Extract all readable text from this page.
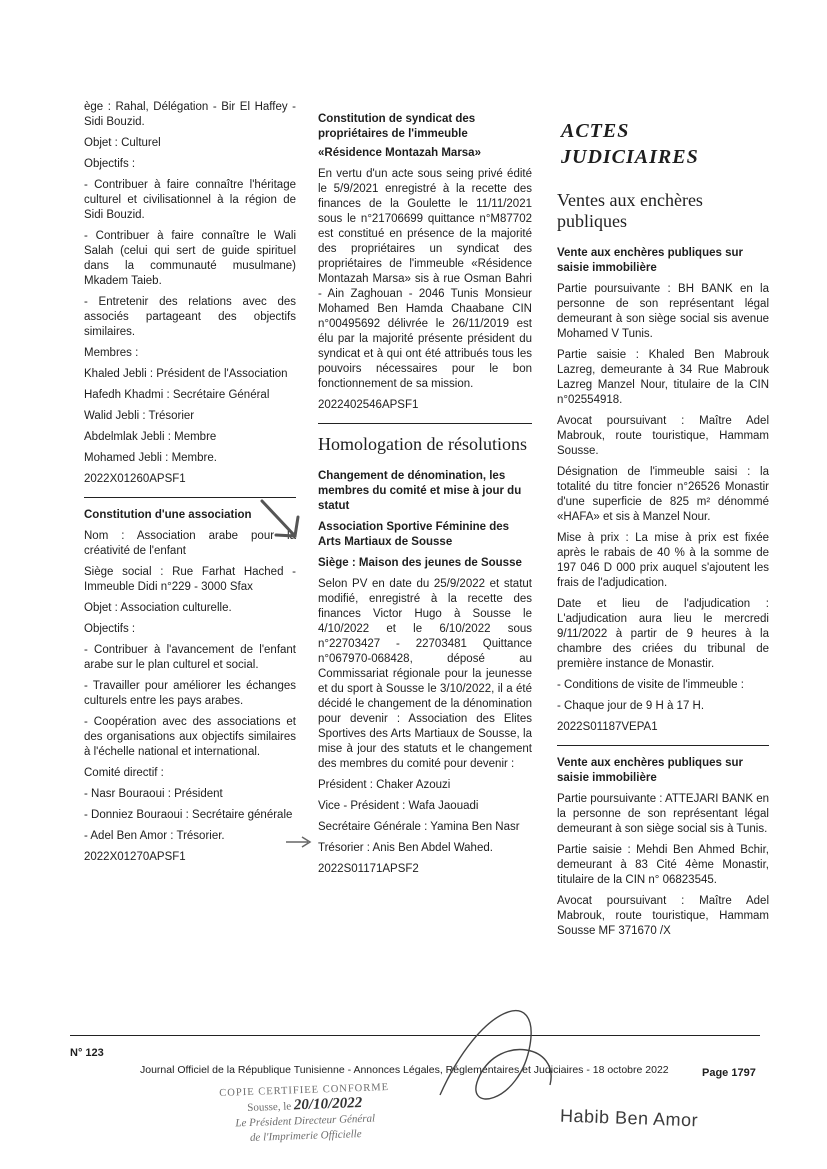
ège : Rahal, Délégation - Bir El Haffey - Sidi Bouzid.

Objet : Culturel

Objectifs :

- Contribuer à faire connaître l'héritage culturel et civilisationnel à la région de Sidi Bouzid.

- Contribuer à faire connaître le Wali Salah (celui qui sert de guide spirituel dans la communauté musulmane) Mkadem Taieb.

- Entretenir des relations avec des associés partageant des objectifs similaires.

Membres :

Khaled Jebli : Président de l'Association

Hafedh Khadmi : Secrétaire Général

Walid Jebli : Trésorier

Abdelmlak Jebli : Membre

Mohamed Jebli : Membre.

2022X01260APSF1

Constitution d'une association

Nom : Association arabe pour la créativité de l'enfant

Siège social : Rue Farhat Hached - Immeuble Didi n°229 - 3000 Sfax

Objet : Association culturelle.

Objectifs :

- Contribuer à l'avancement de l'enfant arabe sur le plan culturel et social.

- Travailler pour améliorer les échanges culturels entre les pays arabes.

- Coopération avec des associations et des organisations aux objectifs similaires à l'échelle national et international.

Comité directif :

- Nasr Bouraoui : Président

- Donniez Bouraoui : Secrétaire générale

- Adel Ben Amor : Trésorier.

2022X01270APSF1

Constitution de syndicat des propriétaires de l'immeuble

«Résidence Montazah Marsa»

En vertu d'un acte sous seing privé édité le 5/9/2021 enregistré à la recette des finances de la Goulette le 11/11/2021 sous le n°21706699 quittance n°M87702 est constitué en présence de la majorité des propriétaires un syndicat des propriétaires de l'immeuble «Résidence Montazah Marsa» sis à rue Osman Bahri - Ain Zaghouan - 2046 Tunis Monsieur Mohamed Ben Hamda Chaabane CIN n°00495692 délivrée le 26/11/2019 est élu par la majorité présente président du syndicat et à qui ont été attribués tous les pouvoirs nécessaires pour le bon fonctionnement de sa mission.

2022402546APSF1

Homologation de résolutions

Changement de dénomination, les membres du comité et mise à jour du statut

Association Sportive Féminine des Arts Martiaux de Sousse

Siège : Maison des jeunes de Sousse

Selon PV en date du 25/9/2022 et statut modifié, enregistré à la recette des finances Victor Hugo à Sousse le 4/10/2022 et le 6/10/2022 sous n°22703427 - 22703481 Quittance n°067970-068428, déposé au Commissariat régionale pour la jeunesse et du sport à Sousse le 3/10/2022, il a été décidé le changement de la dénomination pour devenir : Association des Elites Sportives des Arts Martiaux de Sousse, la mise à jour des statuts et le changement des membres du comité pour devenir :

Président : Chaker Azouzi

Vice - Président : Wafa Jaouadi

Secrétaire Générale : Yamina Ben Nasr

Trésorier : Anis Ben Abdel Wahed.

2022S01171APSF2

ACTES JUDICIAIRES
Ventes aux enchères publiques

Vente aux enchères publiques sur saisie immobilière

Partie poursuivante : BH BANK en la personne de son représentant légal demeurant à son siège social sis avenue Mohamed V Tunis.

Partie saisie : Khaled Ben Mabrouk Lazreg, demeurante à 34 Rue Mabrouk Lazreg Manzel Nour, titulaire de la CIN n°02554918.

Avocat poursuivant : Maître Adel Mabrouk, route touristique, Hammam Sousse.

Désignation de l'immeuble saisi : la totalité du titre foncier n°26526 Monastir d'une superficie de 825 m² dénommé «HAFA» et sis à Manzel Nour.

Mise à prix : La mise à prix est fixée après le rabais de 40 % à la somme de 197 046 D 000 prix auquel s'ajoutent les frais de l'adjudication.

Date et lieu de l'adjudication : L'adjudication aura lieu le mercredi 9/11/2022 à partir de 9 heures à la chambre des criées du tribunal de première instance de Monastir.

- Conditions de visite de l'immeuble :

- Chaque jour de 9 H à 17 H.

2022S01187VEPA1

Vente aux enchères publiques sur saisie immobilière

Partie poursuivante : ATTEJARI BANK en la personne de son représentant légal demeurant à son siège social sis à Tunis.

Partie saisie : Mehdi Ben Ahmed Bchir, demeurant à 83 Cité 4ème Monastir, titulaire de la CIN n° 06823545.

Avocat poursuivant : Maître Adel Mabrouk, route touristique, Hammam Sousse MF 371670 /X

N° 123
Journal Officiel de la République Tunisienne - Annonces Légales, Réglementaires et Judiciaires - 18 octobre 2022	Page 1797
COPIE CERTIFIEE CONFORME
Sousse, le 20/10/2022
Le Président Directeur Général
de l'Imprimerie Officielle
Habib Ben Amor
